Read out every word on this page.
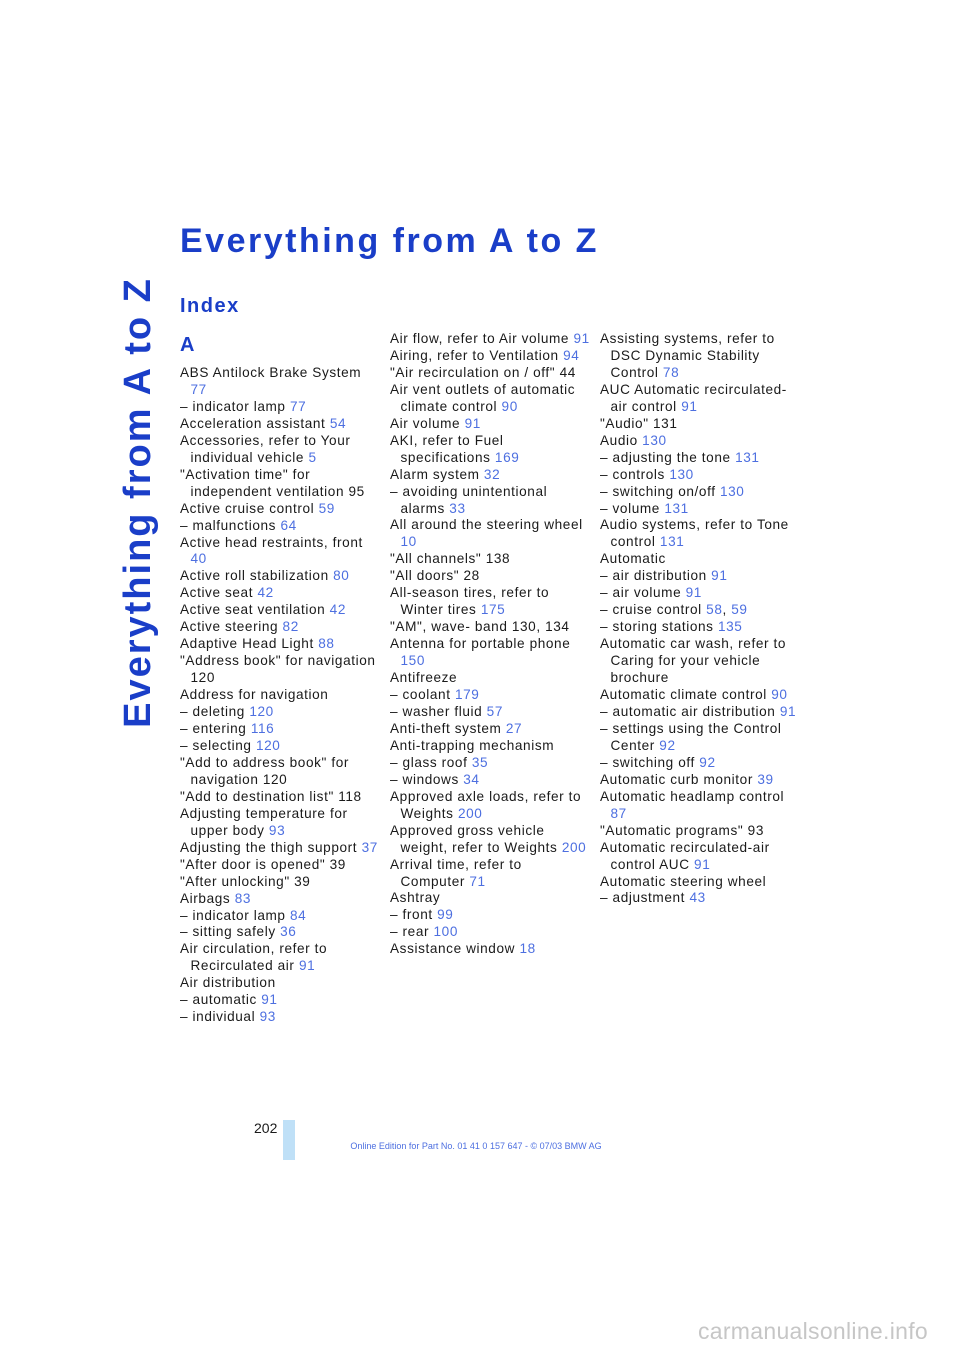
Everything from A to Z
Everything from A to Z
Index
A
ABS Antilock Brake System 77
– indicator lamp 77
Acceleration assistant 54
Accessories, refer to Your individual vehicle 5
"Activation time" for independent ventilation 95
Active cruise control 59
– malfunctions 64
Active head restraints, front 40
Active roll stabilization 80
Active seat 42
Active seat ventilation 42
Active steering 82
Adaptive Head Light 88
"Address book" for navigation 120
Address for navigation
– deleting 120
– entering 116
– selecting 120
"Add to address book" for navigation 120
"Add to destination list" 118
Adjusting temperature for upper body 93
Adjusting the thigh support 37
"After door is opened" 39
"After unlocking" 39
Airbags 83
– indicator lamp 84
– sitting safely 36
Air circulation, refer to Recirculated air 91
Air distribution
– automatic 91
– individual 93
Air flow, refer to Air volume 91
Airing, refer to Ventilation 94
"Air recirculation on / off" 44
Air vent outlets of automatic climate control 90
Air volume 91
AKI, refer to Fuel specifications 169
Alarm system 32
– avoiding unintentional alarms 33
All around the steering wheel 10
"All channels" 138
"All doors" 28
All-season tires, refer to Winter tires 175
"AM", wave- band 130, 134
Antenna for portable phone 150
Antifreeze
– coolant 179
– washer fluid 57
Anti-theft system 27
Anti-trapping mechanism
– glass roof 35
– windows 34
Approved axle loads, refer to Weights 200
Approved gross vehicle weight, refer to Weights 200
Arrival time, refer to Computer 71
Ashtray
– front 99
– rear 100
Assistance window 18
Assisting systems, refer to DSC Dynamic Stability Control 78
AUC Automatic recirculated-air control 91
"Audio" 131
Audio 130
– adjusting the tone 131
– controls 130
– switching on/off 130
– volume 131
Audio systems, refer to Tone control 131
Automatic
– air distribution 91
– air volume 91
– cruise control 58, 59
– storing stations 135
Automatic car wash, refer to Caring for your vehicle brochure
Automatic climate control 90
– automatic air distribution 91
– settings using the Control Center 92
– switching off 92
Automatic curb monitor 39
Automatic headlamp control 87
"Automatic programs" 93
Automatic recirculated-air control AUC 91
Automatic steering wheel
– adjustment 43
202
Online Edition for Part No. 01 41 0 157 647 - © 07/03 BMW AG
carmanualsonline.info
